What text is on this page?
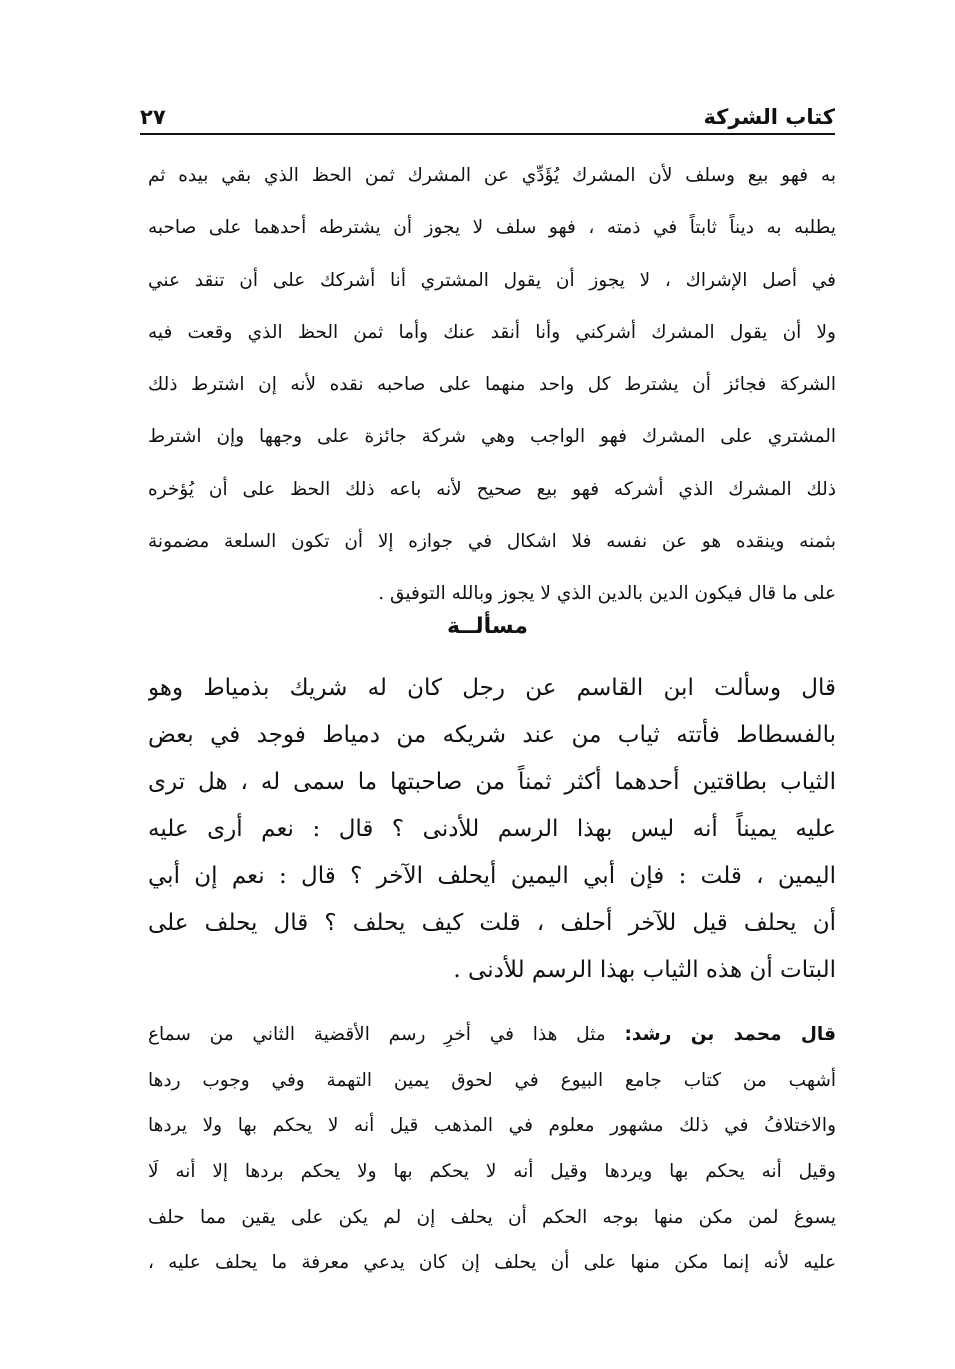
كتاب الشركة
٢٧
به فهو بيع وسلف لأن المشرك يُؤَدِّي عن المشرك ثمن الحظ الذي بقي بيده ثم
يطلبه به ديناً ثابتاً في ذمته ، فهو سلف لا يجوز أن يشترطه أحدهما على صاحبه
في أصل الإشراك ، لا يجوز أن يقول المشتري أنا أشركك على أن تنقد عني
ولا أن يقول المشرك أشركني وأنا أنقد عنك وأما ثمن الحظ الذي وقعت فيه
الشركة فجائز أن يشترط كل واحد منهما على صاحبه نقده لأنه إن اشترط ذلك
المشتري على المشرك فهو الواجب وهي شركة جائزة على وجهها وإن اشترط
ذلك المشرك الذي أشركه فهو بيع صحيح لأنه باعه ذلك الحظ على أن يُؤخره
بثمنه وينقده هو عن نفسه فلا اشكال في جوازه إلا أن تكون السلعة مضمونة
على ما قال فيكون الدين بالدين الذي لا يجوز وبالله التوفيق .
مسألــة
قال وسألت ابن القاسم عن رجل كان له شريك بذمياط وهو
بالفسطاط فأتته ثياب من عند شريكه من دمياط فوجد في بعض
الثياب بطاقتين أحدهما أكثر ثمناً من صاحبتها ما سمى له ، هل ترى
عليه يميناً أنه ليس بهذا الرسم للأدنى ؟ قال : نعم أرى عليه
اليمين ، قلت : فإن أبي اليمين أيحلف الآخر ؟ قال : نعم إن أبي
أن يحلف قيل للآخر أحلف ، قلت كيف يحلف ؟ قال يحلف على
البتات أن هذه الثياب بهذا الرسم للأدنى .
قال محمد بن رشد: مثل هذا في أخرِ رسم الأقضية الثاني من سماع
أشهب من كتاب جامع البيوع في لحوق يمين التهمة وفي وجوب ردها
والاختلافُ في ذلك مشهور معلوم في المذهب قيل أنه لا يحكم بها ولا يردها
وقيل أنه يحكم بها ويردها وقيل أنه لا يحكم بها ولا يحكم بردها إلا أنه لَا
يسوغ لمن مكن منها بوجه الحكم أن يحلف إن لم يكن على يقين مما حلف
عليه لأنه إنما مكن منها على أن يحلف إن كان يدعي معرفة ما يحلف عليه ،
